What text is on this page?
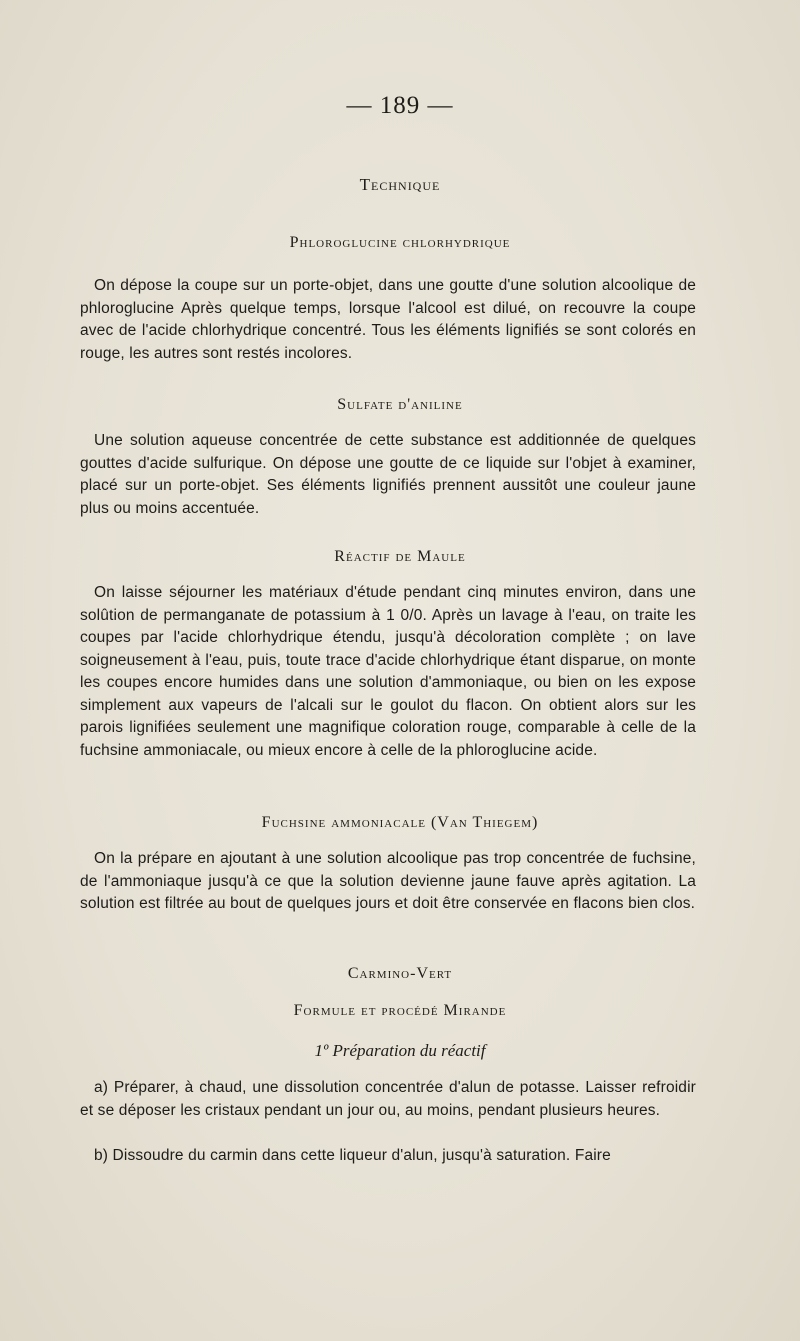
— 189 —
Technique
Phloroglucine chlorhydrique
On dépose la coupe sur un porte-objet, dans une goutte d'une solution alcoolique de phloroglucine Après quelque temps, lorsque l'alcool est dilué, on recouvre la coupe avec de l'acide chlorhydrique concentré. Tous les éléments lignifiés se sont colorés en rouge, les autres sont restés incolores.
Sulfate d'aniline
Une solution aqueuse concentrée de cette substance est additionnée de quelques gouttes d'acide sulfurique. On dépose une goutte de ce liquide sur l'objet à examiner, placé sur un porte-objet. Ses éléments lignifiés prennent aussitôt une couleur jaune plus ou moins accentuée.
Réactif de Maule
On laisse séjourner les matériaux d'étude pendant cinq minutes environ, dans une solûtion de permanganate de potassium à 1 0/0. Après un lavage à l'eau, on traite les coupes par l'acide chlorhydrique étendu, jusqu'à décoloration complète ; on lave soigneusement à l'eau, puis, toute trace d'acide chlorhydrique étant disparue, on monte les coupes encore humides dans une solution d'ammoniaque, ou bien on les expose simplement aux vapeurs de l'alcali sur le goulot du flacon. On obtient alors sur les parois lignifiées seulement une magnifique coloration rouge, comparable à celle de la fuchsine ammoniacale, ou mieux encore à celle de la phloroglucine acide.
Fuchsine ammoniacale (Van Thiegem)
On la prépare en ajoutant à une solution alcoolique pas trop concentrée de fuchsine, de l'ammoniaque jusqu'à ce que la solution devienne jaune fauve après agitation. La solution est filtrée au bout de quelques jours et doit être conservée en flacons bien clos.
Carmino-Vert
Formule et procédé Mirande
1º Préparation du réactif
a) Préparer, à chaud, une dissolution concentrée d'alun de potasse. Laisser refroidir et se déposer les cristaux pendant un jour ou, au moins, pendant plusieurs heures.
b) Dissoudre du carmin dans cette liqueur d'alun, jusqu'à saturation. Faire
